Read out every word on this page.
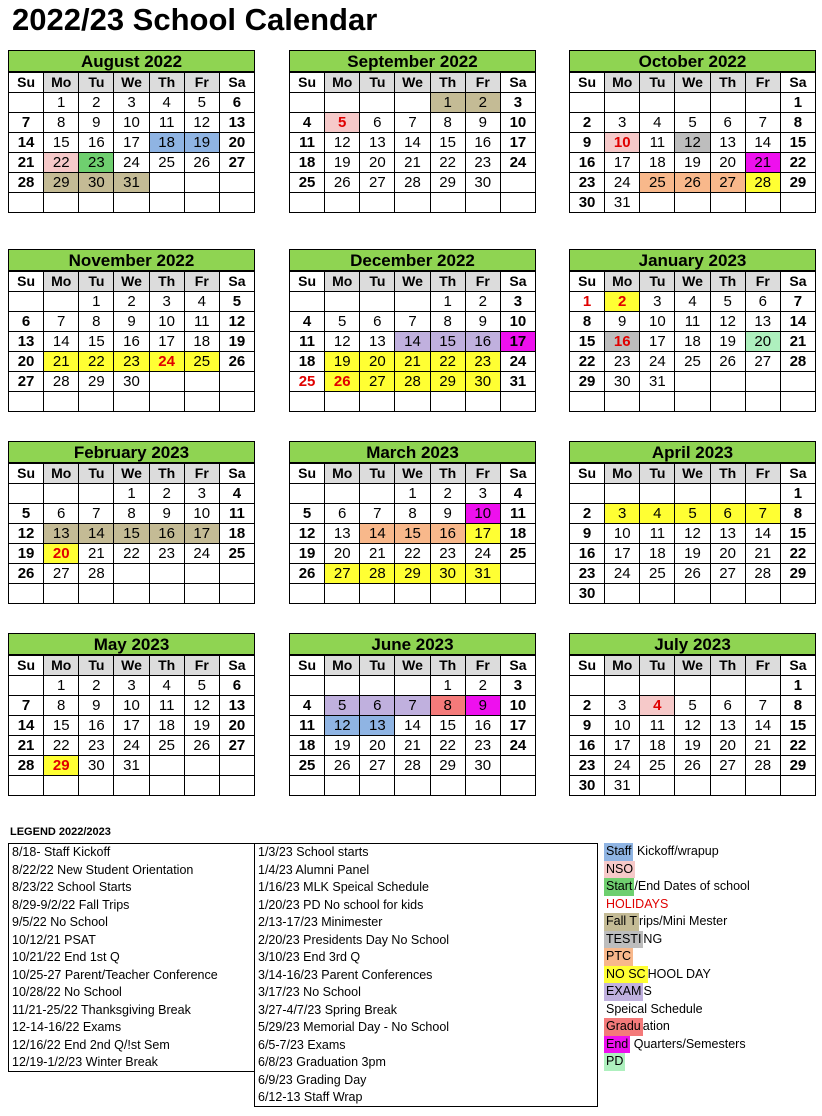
2022/23 School Calendar
August 2022
Su	Mo	Tu	We	Th	Fr	Sa
	1	2	3	4	5	6
7	8	9	10	11	12	13
14	15	16	17	18	19	20
21	22	23	24	25	26	27
28	29	30	31			

September 2022
Su	Mo	Tu	We	Th	Fr	Sa
				1	2	3
4	5	6	7	8	9	10
11	12	13	14	15	16	17
18	19	20	21	22	23	24
25	26	27	28	29	30	

October 2022
Su	Mo	Tu	We	Th	Fr	Sa
						1
2	3	4	5	6	7	8
9	10	11	12	13	14	15
16	17	18	19	20	21	22
23	24	25	26	27	28	29
30	31					
November 2022
Su	Mo	Tu	We	Th	Fr	Sa
		1	2	3	4	5
6	7	8	9	10	11	12
13	14	15	16	17	18	19
20	21	22	23	24	25	26
27	28	29	30			

December 2022
Su	Mo	Tu	We	Th	Fr	Sa
				1	2	3
4	5	6	7	8	9	10
11	12	13	14	15	16	17
18	19	20	21	22	23	24
25	26	27	28	29	30	31

January 2023
Su	Mo	Tu	We	Th	Fr	Sa
1	2	3	4	5	6	7
8	9	10	11	12	13	14
15	16	17	18	19	20	21
22	23	24	25	26	27	28
29	30	31				

February 2023
Su	Mo	Tu	We	Th	Fr	Sa
			1	2	3	4
5	6	7	8	9	10	11
12	13	14	15	16	17	18
19	20	21	22	23	24	25
26	27	28				

March 2023
Su	Mo	Tu	We	Th	Fr	Sa
			1	2	3	4
5	6	7	8	9	10	11
12	13	14	15	16	17	18
19	20	21	22	23	24	25
26	27	28	29	30	31	

April 2023
Su	Mo	Tu	We	Th	Fr	Sa
						1
2	3	4	5	6	7	8
9	10	11	12	13	14	15
16	17	18	19	20	21	22
23	24	25	26	27	28	29
30						
May 2023
Su	Mo	Tu	We	Th	Fr	Sa
	1	2	3	4	5	6
7	8	9	10	11	12	13
14	15	16	17	18	19	20
21	22	23	24	25	26	27
28	29	30	31			

June 2023
Su	Mo	Tu	We	Th	Fr	Sa
				1	2	3
4	5	6	7	8	9	10
11	12	13	14	15	16	17
18	19	20	21	22	23	24
25	26	27	28	29	30	

July 2023
Su	Mo	Tu	We	Th	Fr	Sa
						1
2	3	4	5	6	7	8
9	10	11	12	13	14	15
16	17	18	19	20	21	22
23	24	25	26	27	28	29
30	31					
LEGEND 2022/2023
8/18- Staff Kickoff
8/22/22 New Student Orientation
8/23/22 School Starts
8/29-9/2/22 Fall Trips
9/5/22 No School
10/12/21 PSAT
10/21/22 End 1st Q
10/25-27 Parent/Teacher Conference
10/28/22 No School
11/21-25/22 Thanksgiving Break
12-14-16/22 Exams
12/16/22 End 2nd Q/!st Sem
12/19-1/2/23 Winter Break
1/3/23 School starts
1/4/23 Alumni Panel
1/16/23 MLK Speical Schedule
1/20/23 PD No school for kids
2/13-17/23 Minimester
2/20/23 Presidents Day No School
3/10/23 End 3rd Q
3/14-16/23 Parent Conferences
3/17/23 No School
3/27-4/7/23 Spring Break
5/29/23 Memorial Day - No School
6/5-7/23 Exams
6/8/23 Graduation 3pm
6/9/23 Grading Day
6/12-13 Staff Wrap
Staff Kickoff/wrapup
NSO
Start /End Dates of school
HOLIDAYS
Fall T rips/Mini Mester
TESTI NG
PTC
NO SC HOOL DAY
EXAM S
Speical Schedule
Gradu ation
End Quarters/Semesters
PD
